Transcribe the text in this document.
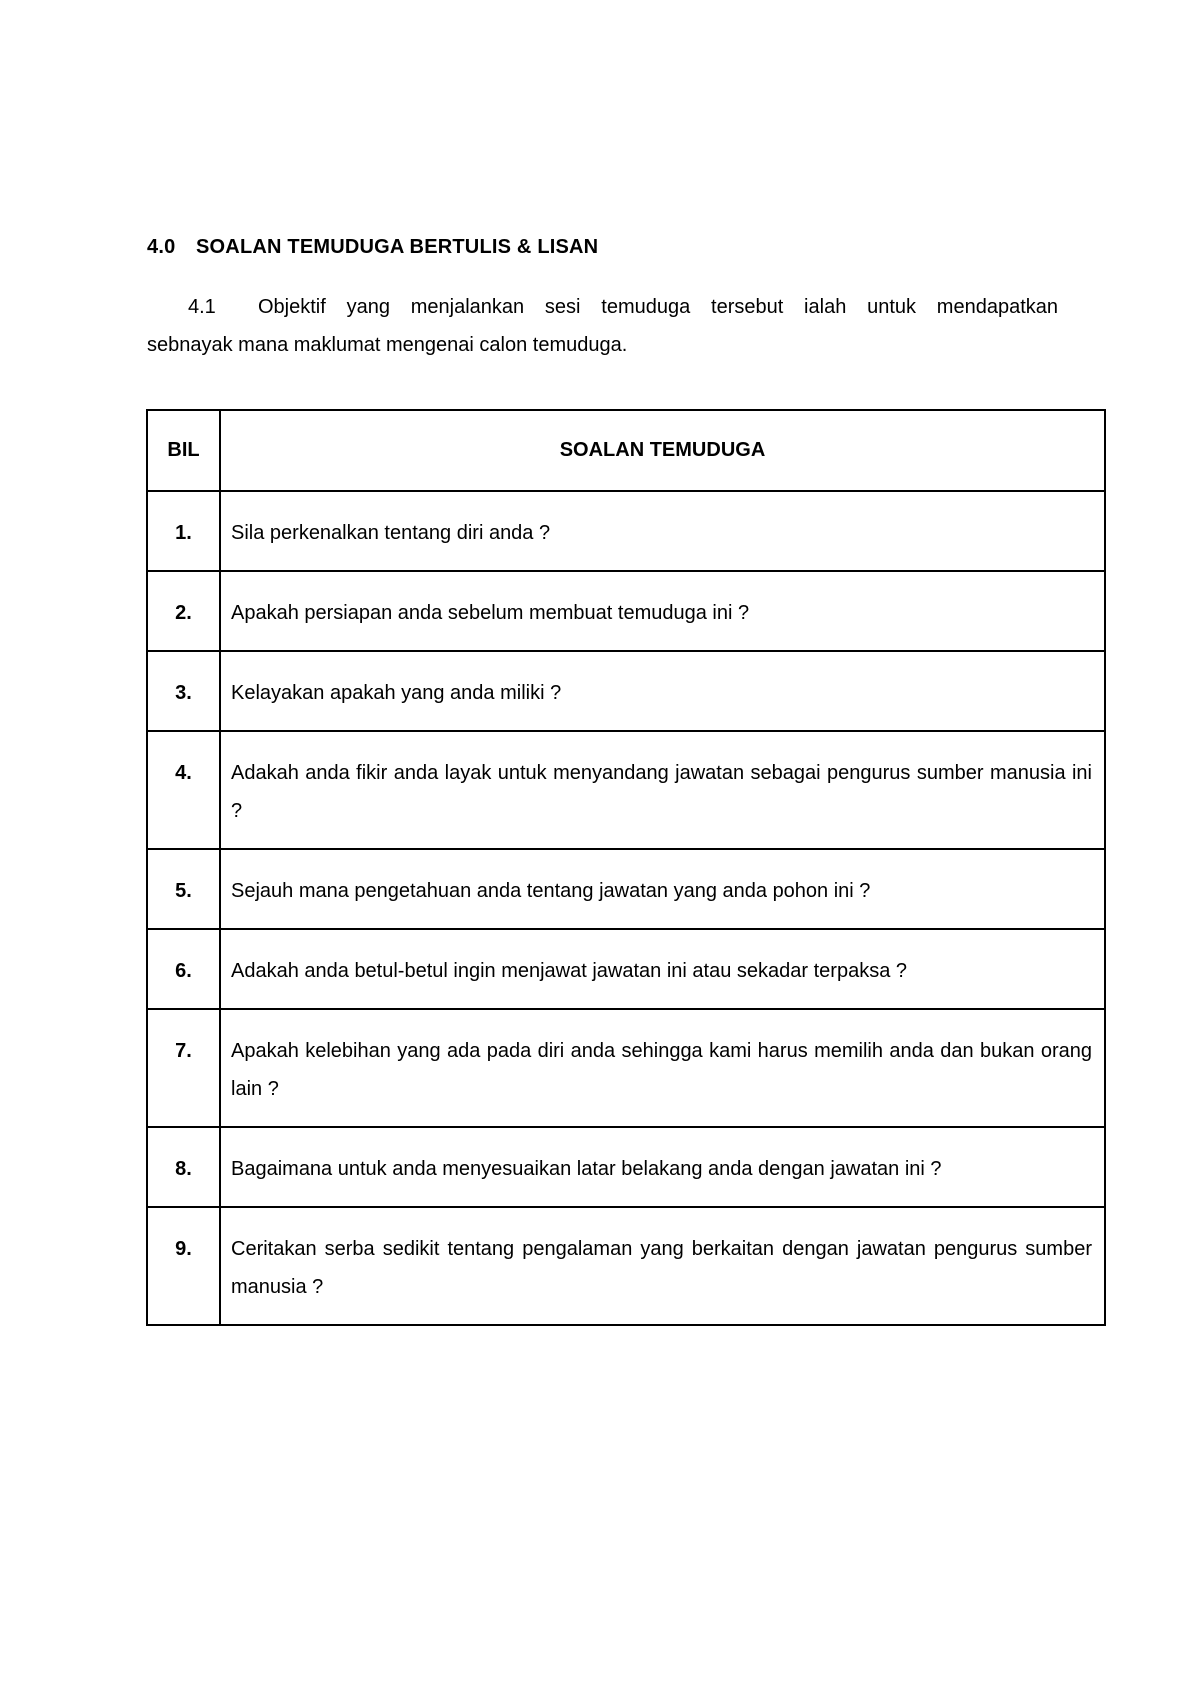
4.0 SOALAN TEMUDUGA BERTULIS & LISAN
4.1 Objektif yang menjalankan sesi temuduga tersebut ialah untuk mendapatkan
sebnayak mana maklumat mengenai calon temuduga.
BIL	SOALAN TEMUDUGA
1.	Sila perkenalkan tentang diri anda ?
2.	Apakah persiapan anda sebelum membuat temuduga ini ?
3.	Kelayakan apakah yang anda miliki ?
4.	Adakah anda fikir anda layak untuk menyandang jawatan sebagai pengurus sumber manusia ini ?
5.	Sejauh mana pengetahuan anda tentang jawatan yang anda pohon ini ?
6.	Adakah anda betul-betul ingin menjawat jawatan ini atau sekadar terpaksa ?
7.	Apakah kelebihan yang ada pada diri anda sehingga kami harus memilih anda dan bukan orang lain ?
8.	Bagaimana untuk anda menyesuaikan latar belakang anda dengan jawatan ini ?
9.	Ceritakan serba sedikit tentang pengalaman yang berkaitan dengan jawatan pengurus sumber manusia ?
